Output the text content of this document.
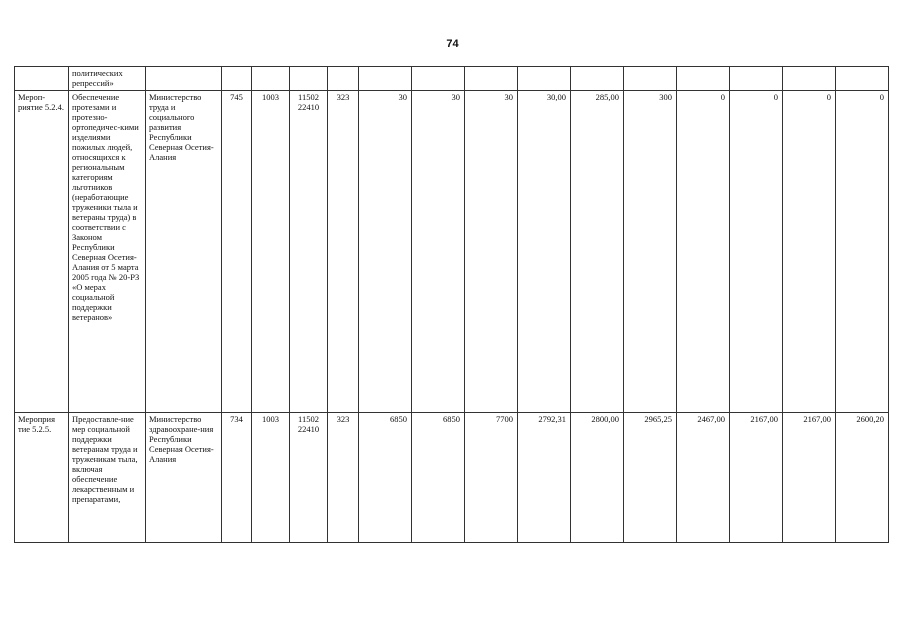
74
	политических репрессий»															
Мероп-риятие 5.2.4.	Обеспечение протезами и протезно-ортопедичес-кими изделиями пожилых людей, относящихся к региональным категориям льготников (неработающие труженики тыла и ветераны труда) в соответствии с Законом Республики Северная Осетия-Алания от 5 марта 2005 года № 20-РЗ «О мерах социальной поддержки ветеранов»	Министерство труда и социального развития Республики Северная Осетия-Алания	745	1003	11502 22410	323	30	30	30	30,00	285,00	300	0	0	0	0
Мероприя тие 5.2.5.	Предоставле-ние мер социальной поддержки ветеранам труда и труженикам тыла, включая обеспечение лекарственным и препаратами,	Министерство здравоохране-ния Республики Северная Осетия-Алания	734	1003	11502 22410	323	6850	6850	7700	2792,31	2800,00	2965,25	2467,00	2167,00	2167,00	2600,20
